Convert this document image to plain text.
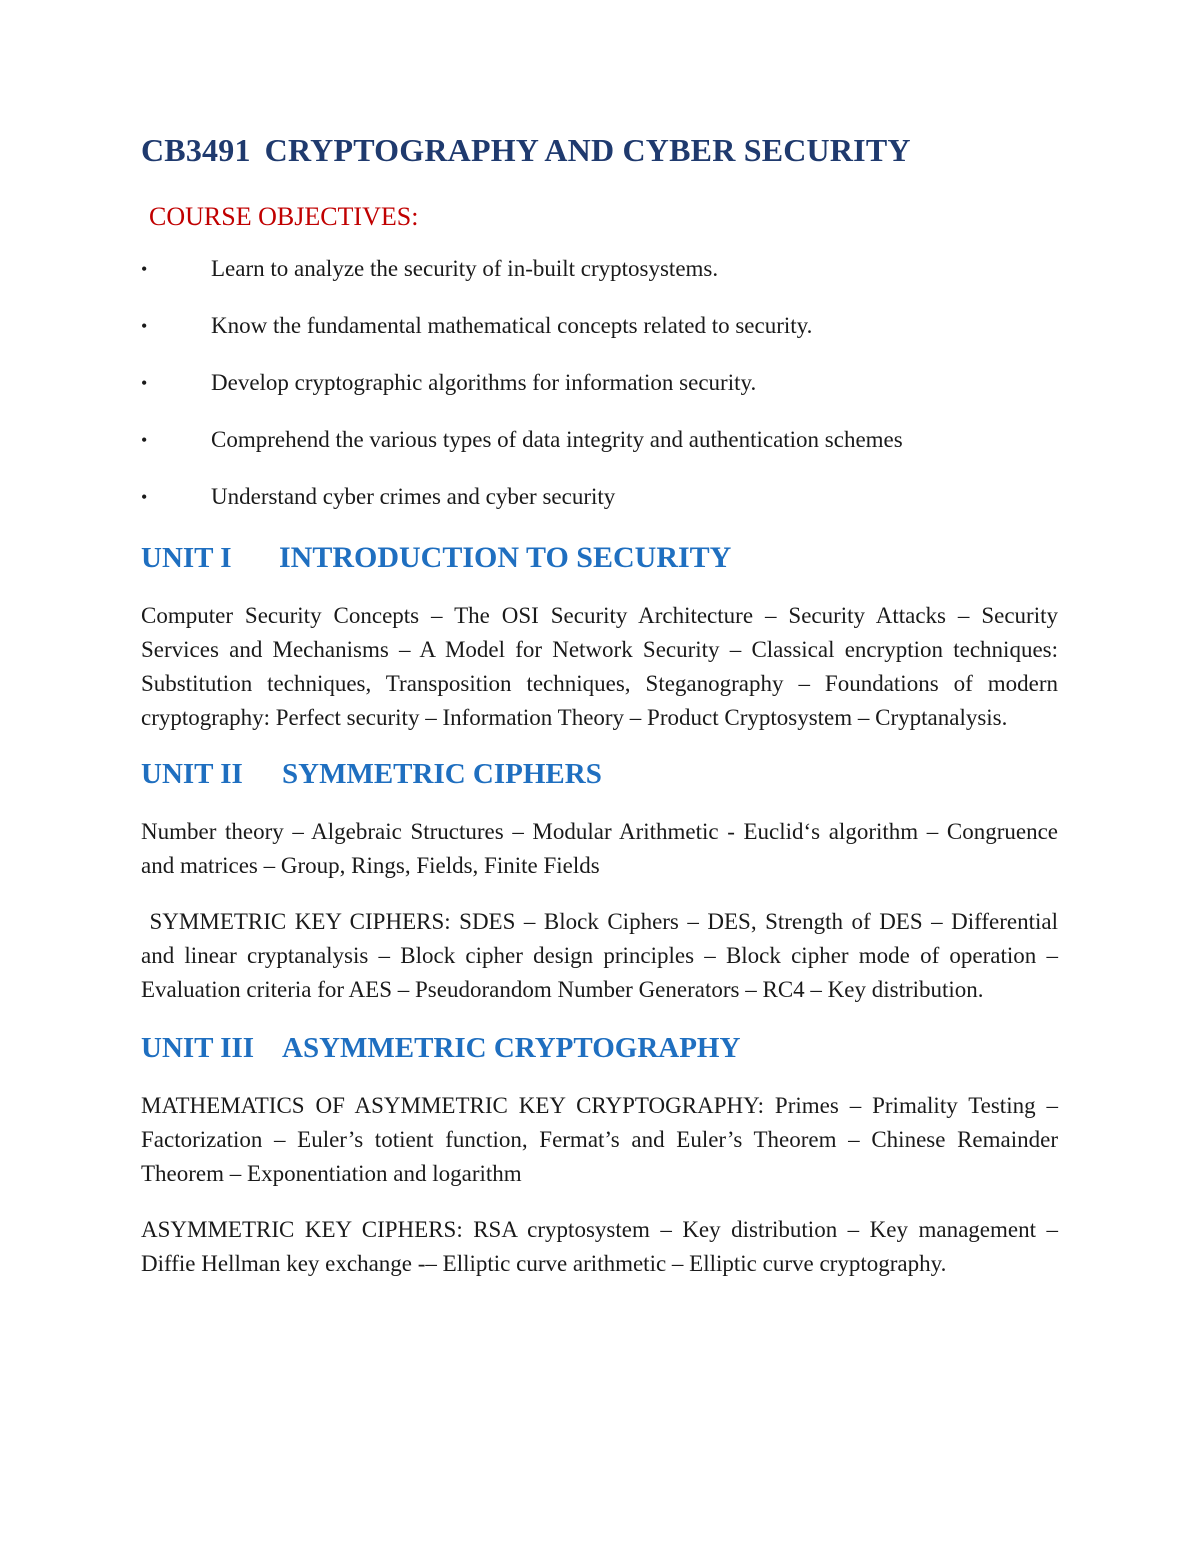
CB3491 CRYPTOGRAPHY AND CYBER SECURITY
COURSE OBJECTIVES:
•	Learn to analyze the security of in-built cryptosystems.
•	Know the fundamental mathematical concepts related to security.
•	Develop cryptographic algorithms for information security.
•	Comprehend the various types of data integrity and authentication schemes
•	Understand cyber crimes and cyber security
UNIT I INTRODUCTION TO SECURITY

Computer Security Concepts – The OSI Security Architecture – Security Attacks – Security Services and Mechanisms – A Model for Network Security – Classical encryption techniques: Substitution techniques, Transposition techniques, Steganography – Foundations of modern cryptography: Perfect security – Information Theory – Product Cryptosystem – Cryptanalysis.

UNIT II SYMMETRIC CIPHERS

Number theory – Algebraic Structures – Modular Arithmetic - Euclid‘s algorithm – Congruence and matrices – Group, Rings, Fields, Finite Fields

SYMMETRIC KEY CIPHERS: SDES – Block Ciphers – DES, Strength of DES – Differential and linear cryptanalysis – Block cipher design principles – Block cipher mode of operation – Evaluation criteria for AES – Pseudorandom Number Generators – RC4 – Key distribution.

UNIT III ASYMMETRIC CRYPTOGRAPHY

MATHEMATICS OF ASYMMETRIC KEY CRYPTOGRAPHY: Primes – Primality Testing – Factorization – Euler’s totient function, Fermat’s and Euler’s Theorem – Chinese Remainder Theorem – Exponentiation and logarithm

ASYMMETRIC KEY CIPHERS: RSA cryptosystem – Key distribution – Key management – Diffie Hellman key exchange -– Elliptic curve arithmetic – Elliptic curve cryptography.
